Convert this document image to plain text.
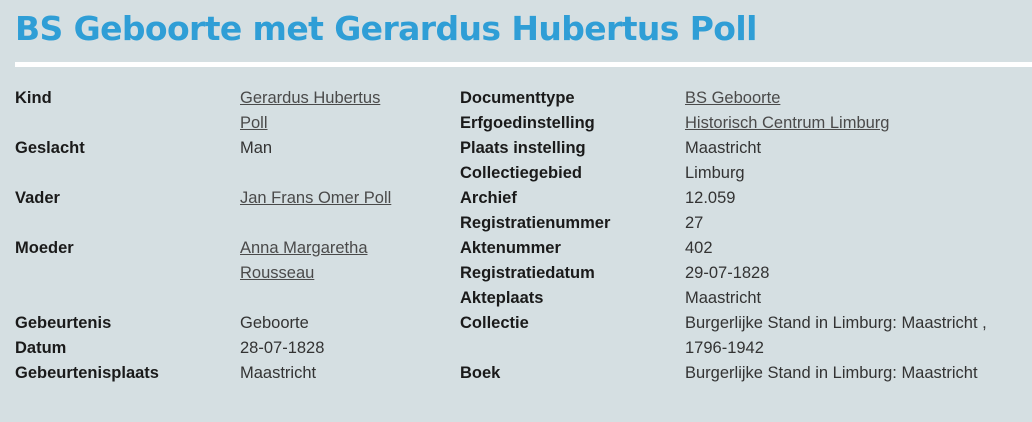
BS Geboorte met Gerardus Hubertus Poll
Kind	Gerardus Hubertus
Poll
Geslacht	Man
Vader	Jan Frans Omer Poll
Moeder	Anna Margaretha
Rousseau
Gebeurtenis	Geboorte
Datum	28-07-1828
Gebeurtenisplaats	Maastricht
Documenttype	BS Geboorte
Erfgoedinstelling	Historisch Centrum Limburg
Plaats instelling	Maastricht
Collectiegebied	Limburg
Archief	12.059
Registratienummer	27
Aktenummer	402
Registratiedatum	29-07-1828
Akteplaats	Maastricht
Collectie	Burgerlijke Stand in Limburg: Maastricht ,
1796-1942
Boek	Burgerlijke Stand in Limburg: Maastricht
